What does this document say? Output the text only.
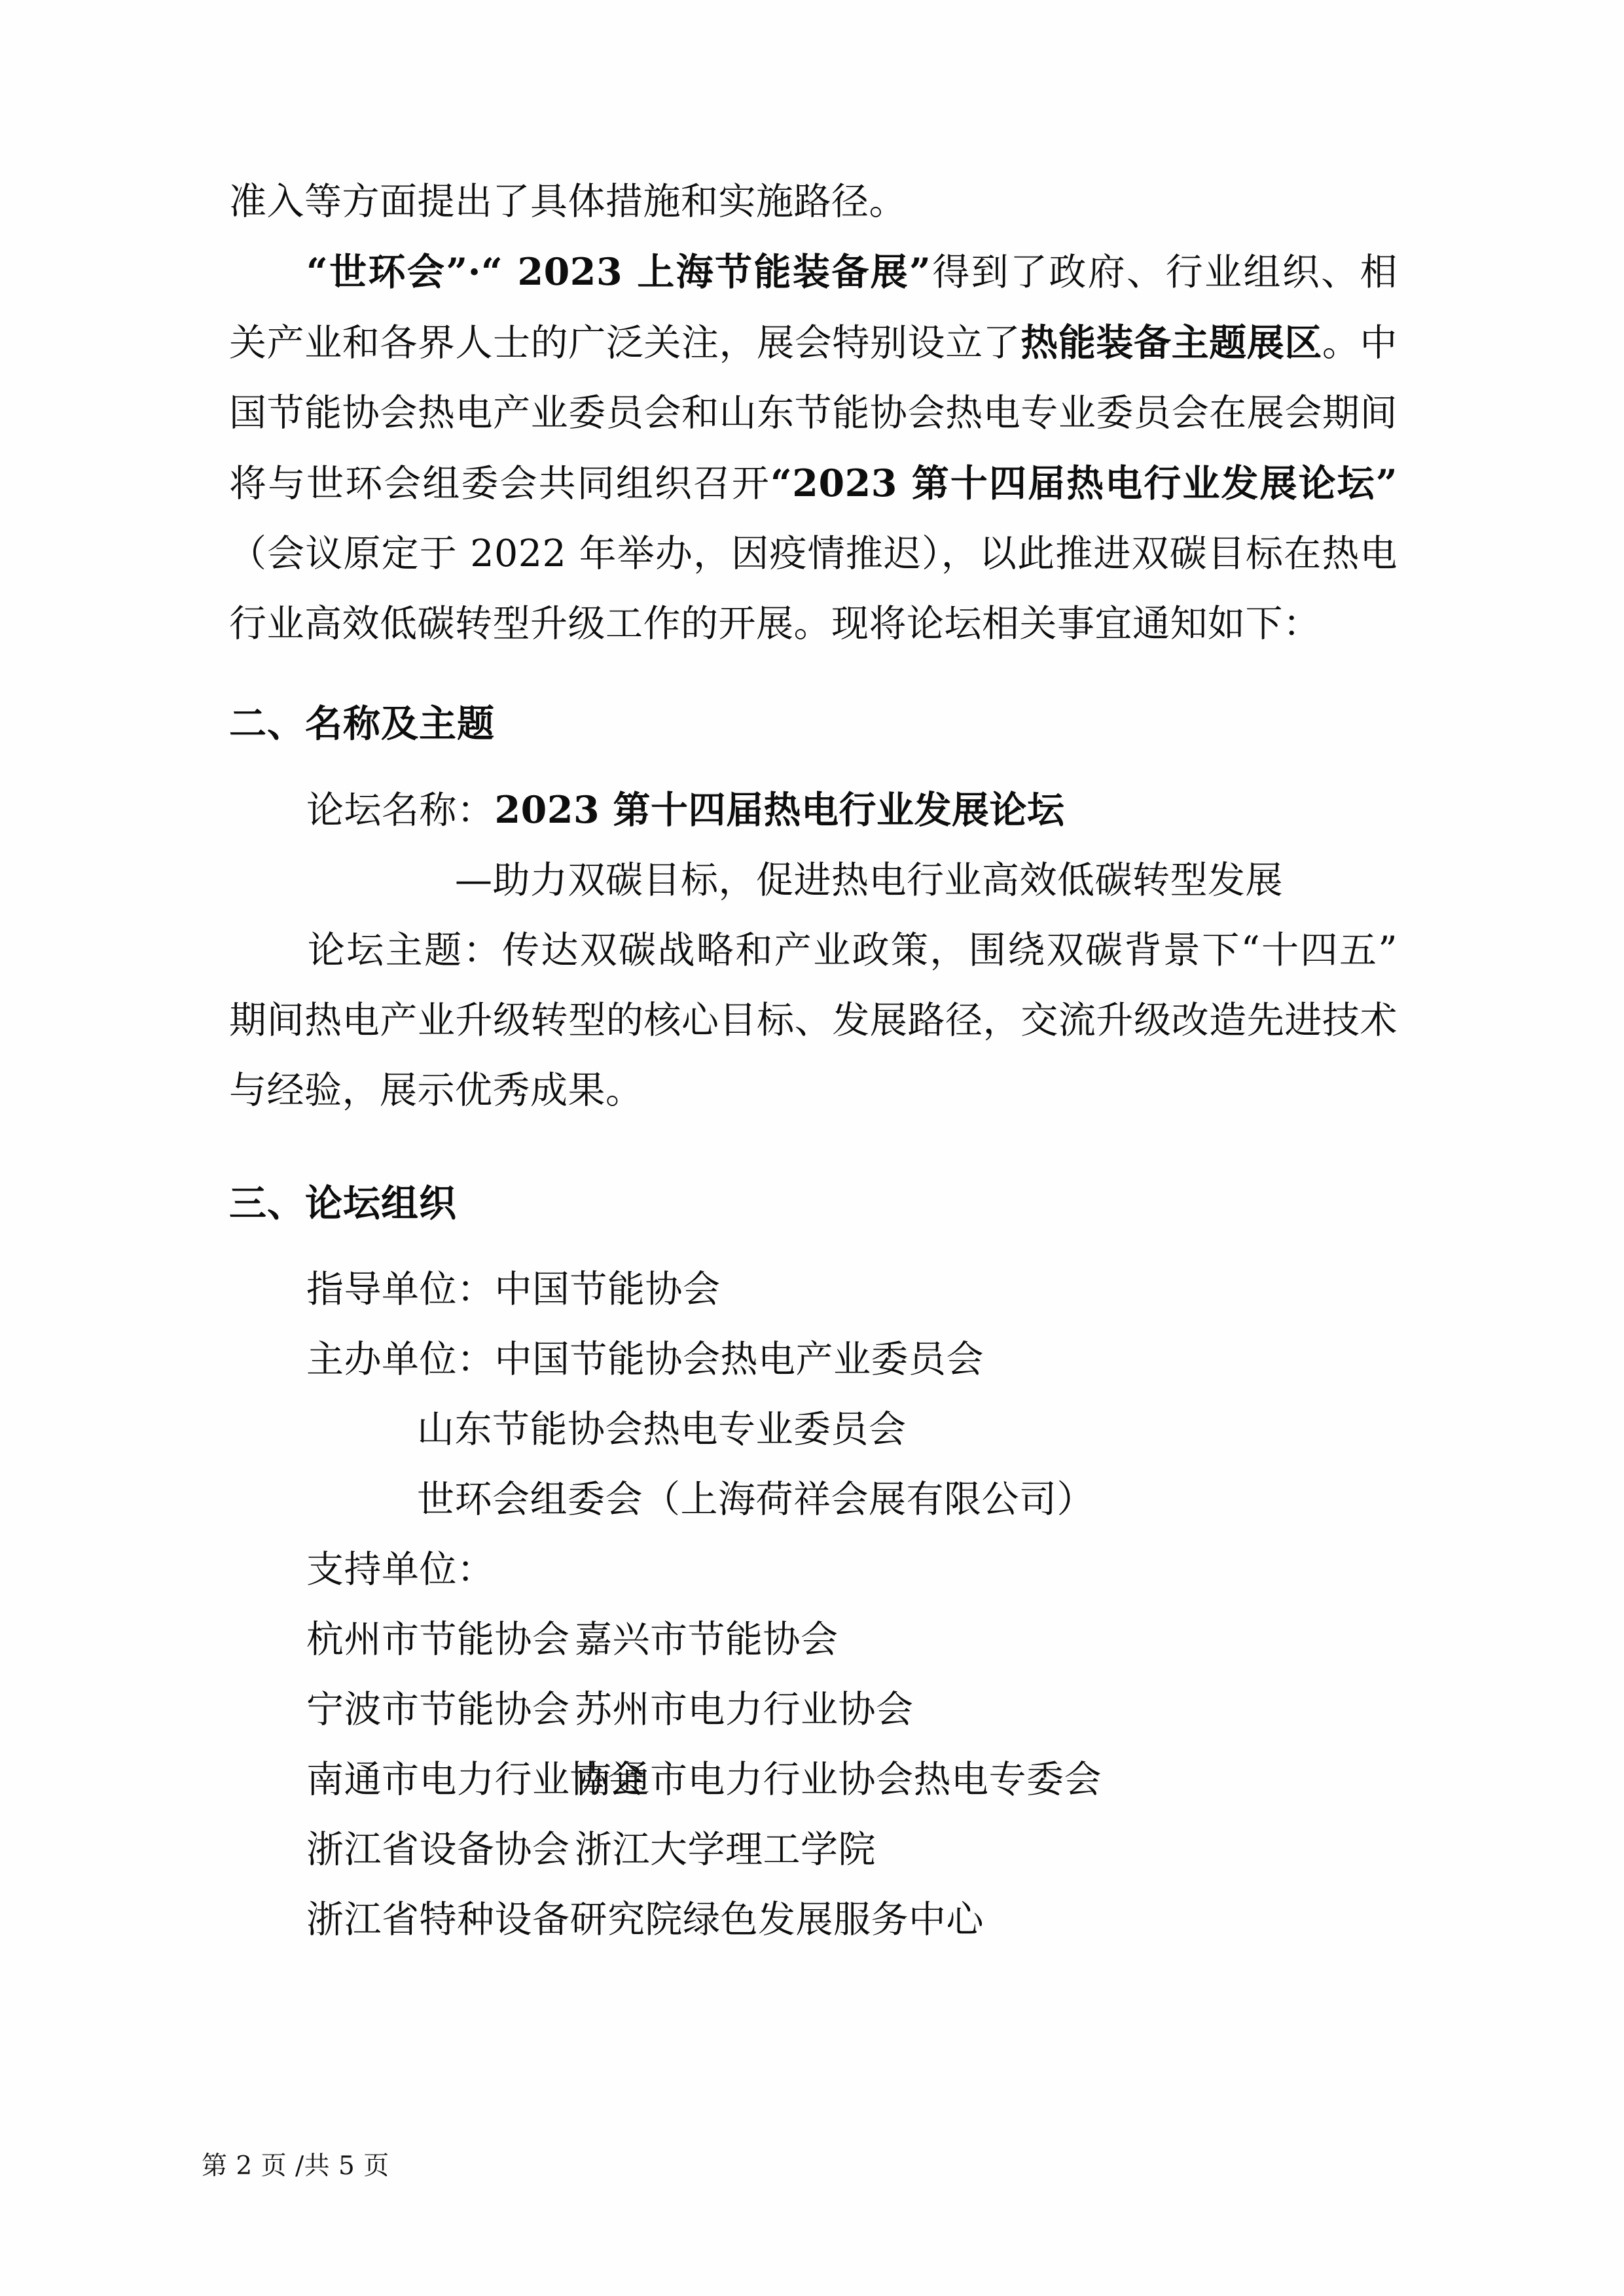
准入等方面提出了具体措施和实施路径。

“世环会”·“ 2023 上海节能装备展”得到了政府、行业组织、相关产业和各界人士的广泛关注，展会特别设立了热能装备主题展区。中国节能协会热电产业委员会和山东节能协会热电专业委员会在展会期间将与世环会组委会共同组织召开“2023 第十四届热电行业发展论坛”（会议原定于 2022 年举办，因疫情推迟），以此推进双碳目标在热电行业高效低碳转型升级工作的开展。现将论坛相关事宜通知如下：

二、名称及主题
论坛名称：2023 第十四届热电行业发展论坛
—助力双碳目标，促进热电行业高效低碳转型发展

论坛主题：传达双碳战略和产业政策，围绕双碳背景下“十四五”期间热电产业升级转型的核心目标、发展路径，交流升级改造先进技术与经验，展示优秀成果。

三、论坛组织
指导单位：中国节能协会
主办单位：中国节能协会热电产业委员会
山东节能协会热电专业委员会
世环会组委会（上海荷祥会展有限公司）
支持单位：
杭州市节能协会 嘉兴市节能协会
宁波市节能协会 苏州市电力行业协会
南通市电力行业协会
南通市电力行业协会热电专委会
浙江省设备协会 浙江大学理工学院
浙江省特种设备研究院绿色发展服务中心
第 2 页 /共 5 页
